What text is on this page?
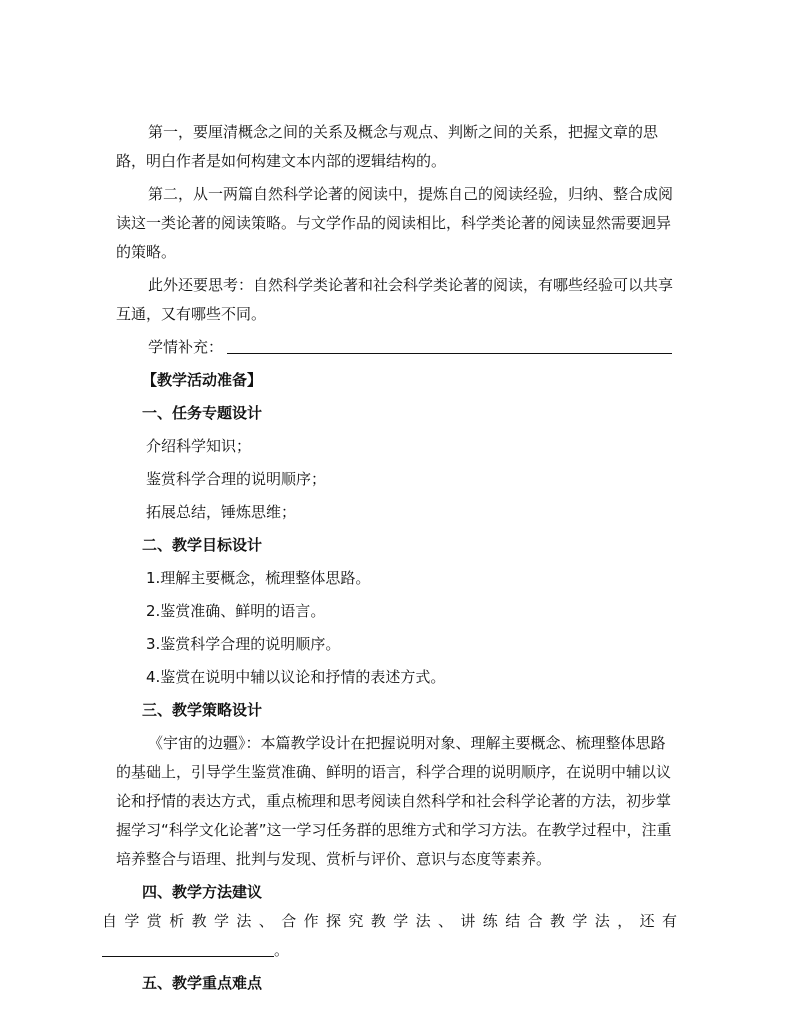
第一，要厘清概念之间的关系及概念与观点、判断之间的关系，把握文章的思路，明白作者是如何构建文本内部的逻辑结构的。

第二，从一两篇自然科学论著的阅读中，提炼自己的阅读经验，归纳、整合成阅读这一类论著的阅读策略。与文学作品的阅读相比，科学类论著的阅读显然需要迥异的策略。

此外还要思考：自然科学类论著和社会科学类论著的阅读，有哪些经验可以共享互通，又有哪些不同。

学情补充：

【教学活动准备】

一、任务专题设计

介绍科学知识；

鉴赏科学合理的说明顺序；

拓展总结，锤炼思维；

二、教学目标设计

1.理解主要概念，梳理整体思路。

2.鉴赏准确、鲜明的语言。

3.鉴赏科学合理的说明顺序。

4.鉴赏在说明中辅以议论和抒情的表述方式。

三、教学策略设计

《宇宙的边疆》：本篇教学设计在把握说明对象、理解主要概念、梳理整体思路的基础上，引导学生鉴赏准确、鲜明的语言，科学合理的说明顺序，在说明中辅以议论和抒情的表达方式，重点梳理和思考阅读自然科学和社会科学论著的方法，初步掌握学习“科学文化论著”这一学习任务群的思维方式和学习方法。在教学过程中，注重培养整合与语理、批判与发现、赏析与评价、意识与态度等素养。

四、教学方法建议

自学赏析教学法、合作探究教学法、讲练结合教学法，还有

。

五、教学重点难点
